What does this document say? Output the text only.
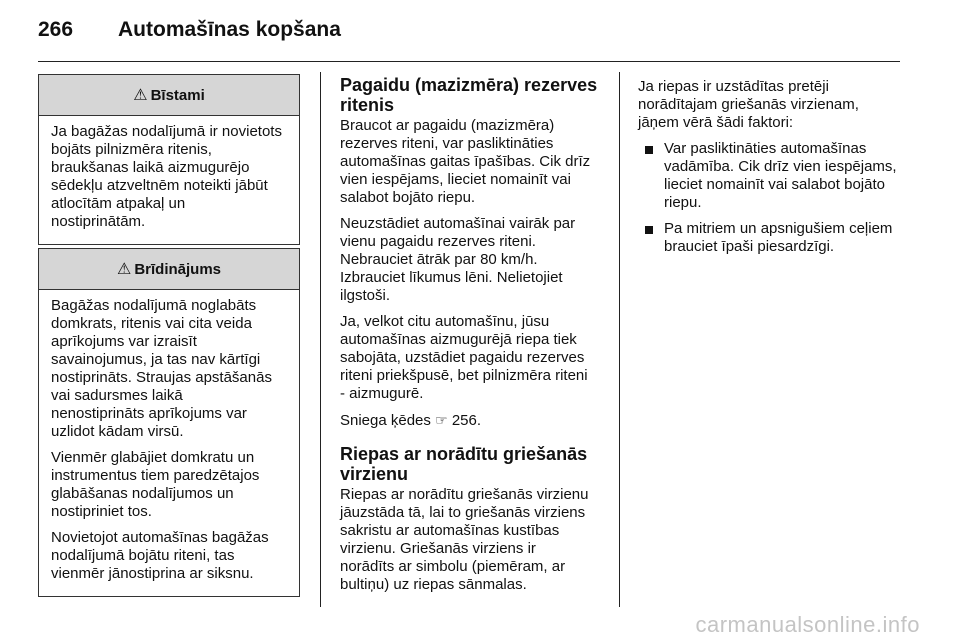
266 Automašīnas kopšana
⚠ Bīstami

Ja bagāžas nodalījumā ir novietots
bojāts pilnizmēra ritenis,
braukšanas laikā aizmugurējo
sēdekļu atzveltnēm noteikti jābūt
atlocītām atpakaļ un
nostiprinātām.

⚠ Brīdinājums

Bagāžas nodalījumā noglabāts
domkrats, ritenis vai cita veida
aprīkojums var izraisīt
savainojumus, ja tas nav kārtīgi
nostiprināts. Straujas apstāšanās
vai sadursmes laikā
nenostiprināts aprīkojums var
uzlidot kādam virsū.

Vienmēr glabājiet domkratu un
instrumentus tiem paredzētajos
glabāšanas nodalījumos un
nostipriniet tos.

Novietojot automašīnas bagāžas
nodalījumā bojātu riteni, tas
vienmēr jānostiprina ar siksnu.

Pagaidu (mazizmēra) rezerves
ritenis

Braucot ar pagaidu (mazizmēra)
rezerves riteni, var pasliktināties
automašīnas gaitas īpašības. Cik drīz
vien iespējams, lieciet nomainīt vai
salabot bojāto riepu.

Neuzstādiet automašīnai vairāk par
vienu pagaidu rezerves riteni.
Nebrauciet ātrāk par 80 km/h.
Izbrauciet līkumus lēni. Nelietojiet
ilgstoši.

Ja, velkot citu automašīnu, jūsu
automašīnas aizmugurējā riepa tiek
sabojāta, uzstādiet pagaidu rezerves
riteni priekšpusē, bet pilnizmēra riteni
- aizmugurē.

Sniega ķēdes ☞ 256.

Riepas ar norādītu griešanās
virzienu

Riepas ar norādītu griešanās virzienu
jāuzstāda tā, lai to griešanās virziens
sakristu ar automašīnas kustības
virzienu. Griešanās virziens ir
norādīts ar simbolu (piemēram, ar
bultiņu) uz riepas sānmalas.

Ja riepas ir uzstādītas pretēji
norādītajam griešanās virzienam,
jāņem vērā šādi faktori:

Var pasliktināties automašīnas
vadāmība. Cik drīz vien iespējams,
lieciet nomainīt vai salabot bojāto
riepu.
Pa mitriem un apsnigušiem ceļiem
brauciet īpaši piesardzīgi.
carmanualsonline.info
